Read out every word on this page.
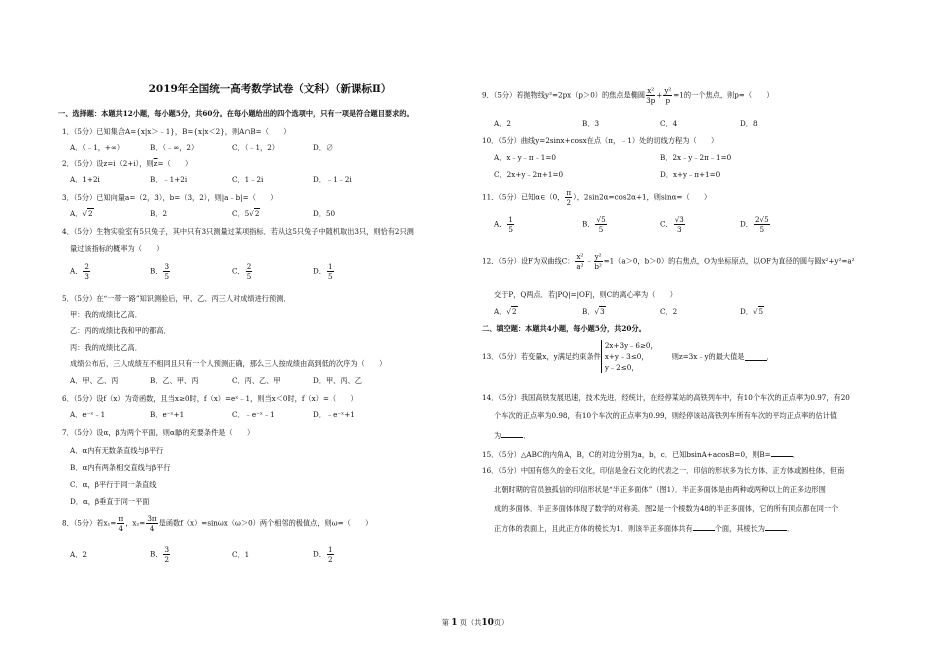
2019年全国统一高考数学试卷（文科）（新课标Ⅱ）
一、选择题：本题共12小题，每小题5分，共60分。在每小题给出的四个选项中，只有一项是符合题目要求的。
1．（5分）已知集合A={x|x＞﹣1}，B={x|x＜2}，则A∩B=（　　）
A．（﹣1，+∞）	B．（﹣∞，2）	C．（﹣1，2）	D．∅
2．（5分）设z=i（2+i），则$\overline{z}=$（　　）
A．1+2i	B．﹣1+2i	C．1﹣2i	D．﹣1﹣2i
3．（5分）已知向量a=（2，3），b=（3，2），则|a﹣b|=（　　）
A．√2	B．2	C．5√2	D．50
4．（5分）生物实验室有5只兔子，其中只有3只测量过某项指标．若从这5只兔子中随机取出3只，则恰有2只测
量过该指标的概率为（　　）
A． $\frac{2}{3}$	B． $\frac{3}{5}$	C． $\frac{2}{5}$	D． $\frac{1}{5}$
5．（5分）在“一带一路”知识测验后，甲、乙、丙三人对成绩进行预测．
甲：我的成绩比乙高．
乙：丙的成绩比我和甲的都高．
丙：我的成绩比乙高．
成绩公布后，三人成绩互不相同且只有一个人预测正确，那么三人按成绩由高到低的次序为（　　）
A．甲、乙、丙	B．乙、甲、丙	C．丙、乙、甲	D．甲、丙、乙
6．（5分）设f（x）为奇函数，且当x≥0时，f（x）=eˣ﹣1，则当x＜0时，f（x）=（　　）
A．e⁻ˣ﹣1	B．e⁻ˣ+1	C．﹣e⁻ˣ﹣1	D．﹣e⁻ˣ+1
7．（5分）设α，β为两个平面，则α∥β的充要条件是（　　）
A．α内有无数条直线与β平行
B．α内有两条相交直线与β平行
C．α，β平行于同一条直线
D．α，β垂直于同一平面
8．（5分）若$x_1= \frac{\pi}{4}$ ，$x_2= \frac{3\pi}{4}$ 是函数f（x）=sinωx（ω＞0）两个相邻的极值点，则ω=（　　）
A．2	B． $\frac{3}{2}$	C．1	D． $\frac{1}{2}$
9．（5分）若抛物线y²=2px（p＞0）的焦点是椭圆 $\frac{\text{x²}}{3p} + \frac{\text{y²}}{p} =1$的一个焦点，则p=（　　）
A．2	B．3	C．4	D．8
10．（5分）曲线y=2sinx+cosx在点（π，﹣1）处的切线方程为（　　）
A．x﹣y﹣π﹣1=0	B．2x﹣y﹣2π﹣1=0
C．2x+y﹣2π+1=0	D．x+y﹣π+1=0
11．（5分）已知α∈（0， $\frac{\pi}{2}$ ），2sin2α=cos2α+1，则sinα=（　　）
A． $\frac{1}{5}$	B． $\frac{√5}{5}$	C． $\frac{√3}{3}$	D． $\frac{2√5}{5}$
12．（5分）设F为双曲线C： $\frac{\text{x²}}{\text{a²}}$ ﹣ $\frac{\text{y²}}{\text{b²}} =1(a>0$，b＞0）的右焦点，O为坐标原点，以OF为直径的圆与圆x²+y²=a²
交于P，Q两点．若|PQ|=|OF|，则C的离心率为（　　）
A．√2	B．√3	C．2	D．√5
二、填空题：本题共4小题，每小题5分，共20分。
13．（5分）若变量x，y满足约束条件2x+3y﹣6≥0，
x+y﹣3≤0，
y﹣2≤0，则z=3x﹣y的最大值是	．
14．（5分）我国高铁发展迅速，技术先进．经统计，在经停某站的高铁列车中，有10个车次的正点率为0.97，有20
个车次的正点率为0.98，有10个车次的正点率为0.99，则经停该站高铁列车所有车次的平均正点率的估计值
为	．
15．（5分）△ABC的内角A，B，C的对边分别为a，b，c．已知bsinA+acosB=0，则B=	．
16．（5分）中国有悠久的金石文化，印信是金石文化的代表之一．印信的形状多为长方体、正方体或圆柱体，但南
北朝时期的官员独孤信的印信形状是“半正多面体”（图1）．半正多面体是由两种或两种以上的正多边形围
成的多面体．半正多面体体现了数学的对称美．图2是一个棱数为48的半正多面体，它的所有顶点都在同一个
正方体的表面上，且此正方体的棱长为1．则该半正多面体共有	个面，其棱长为	．
第 1 页（共10页）
